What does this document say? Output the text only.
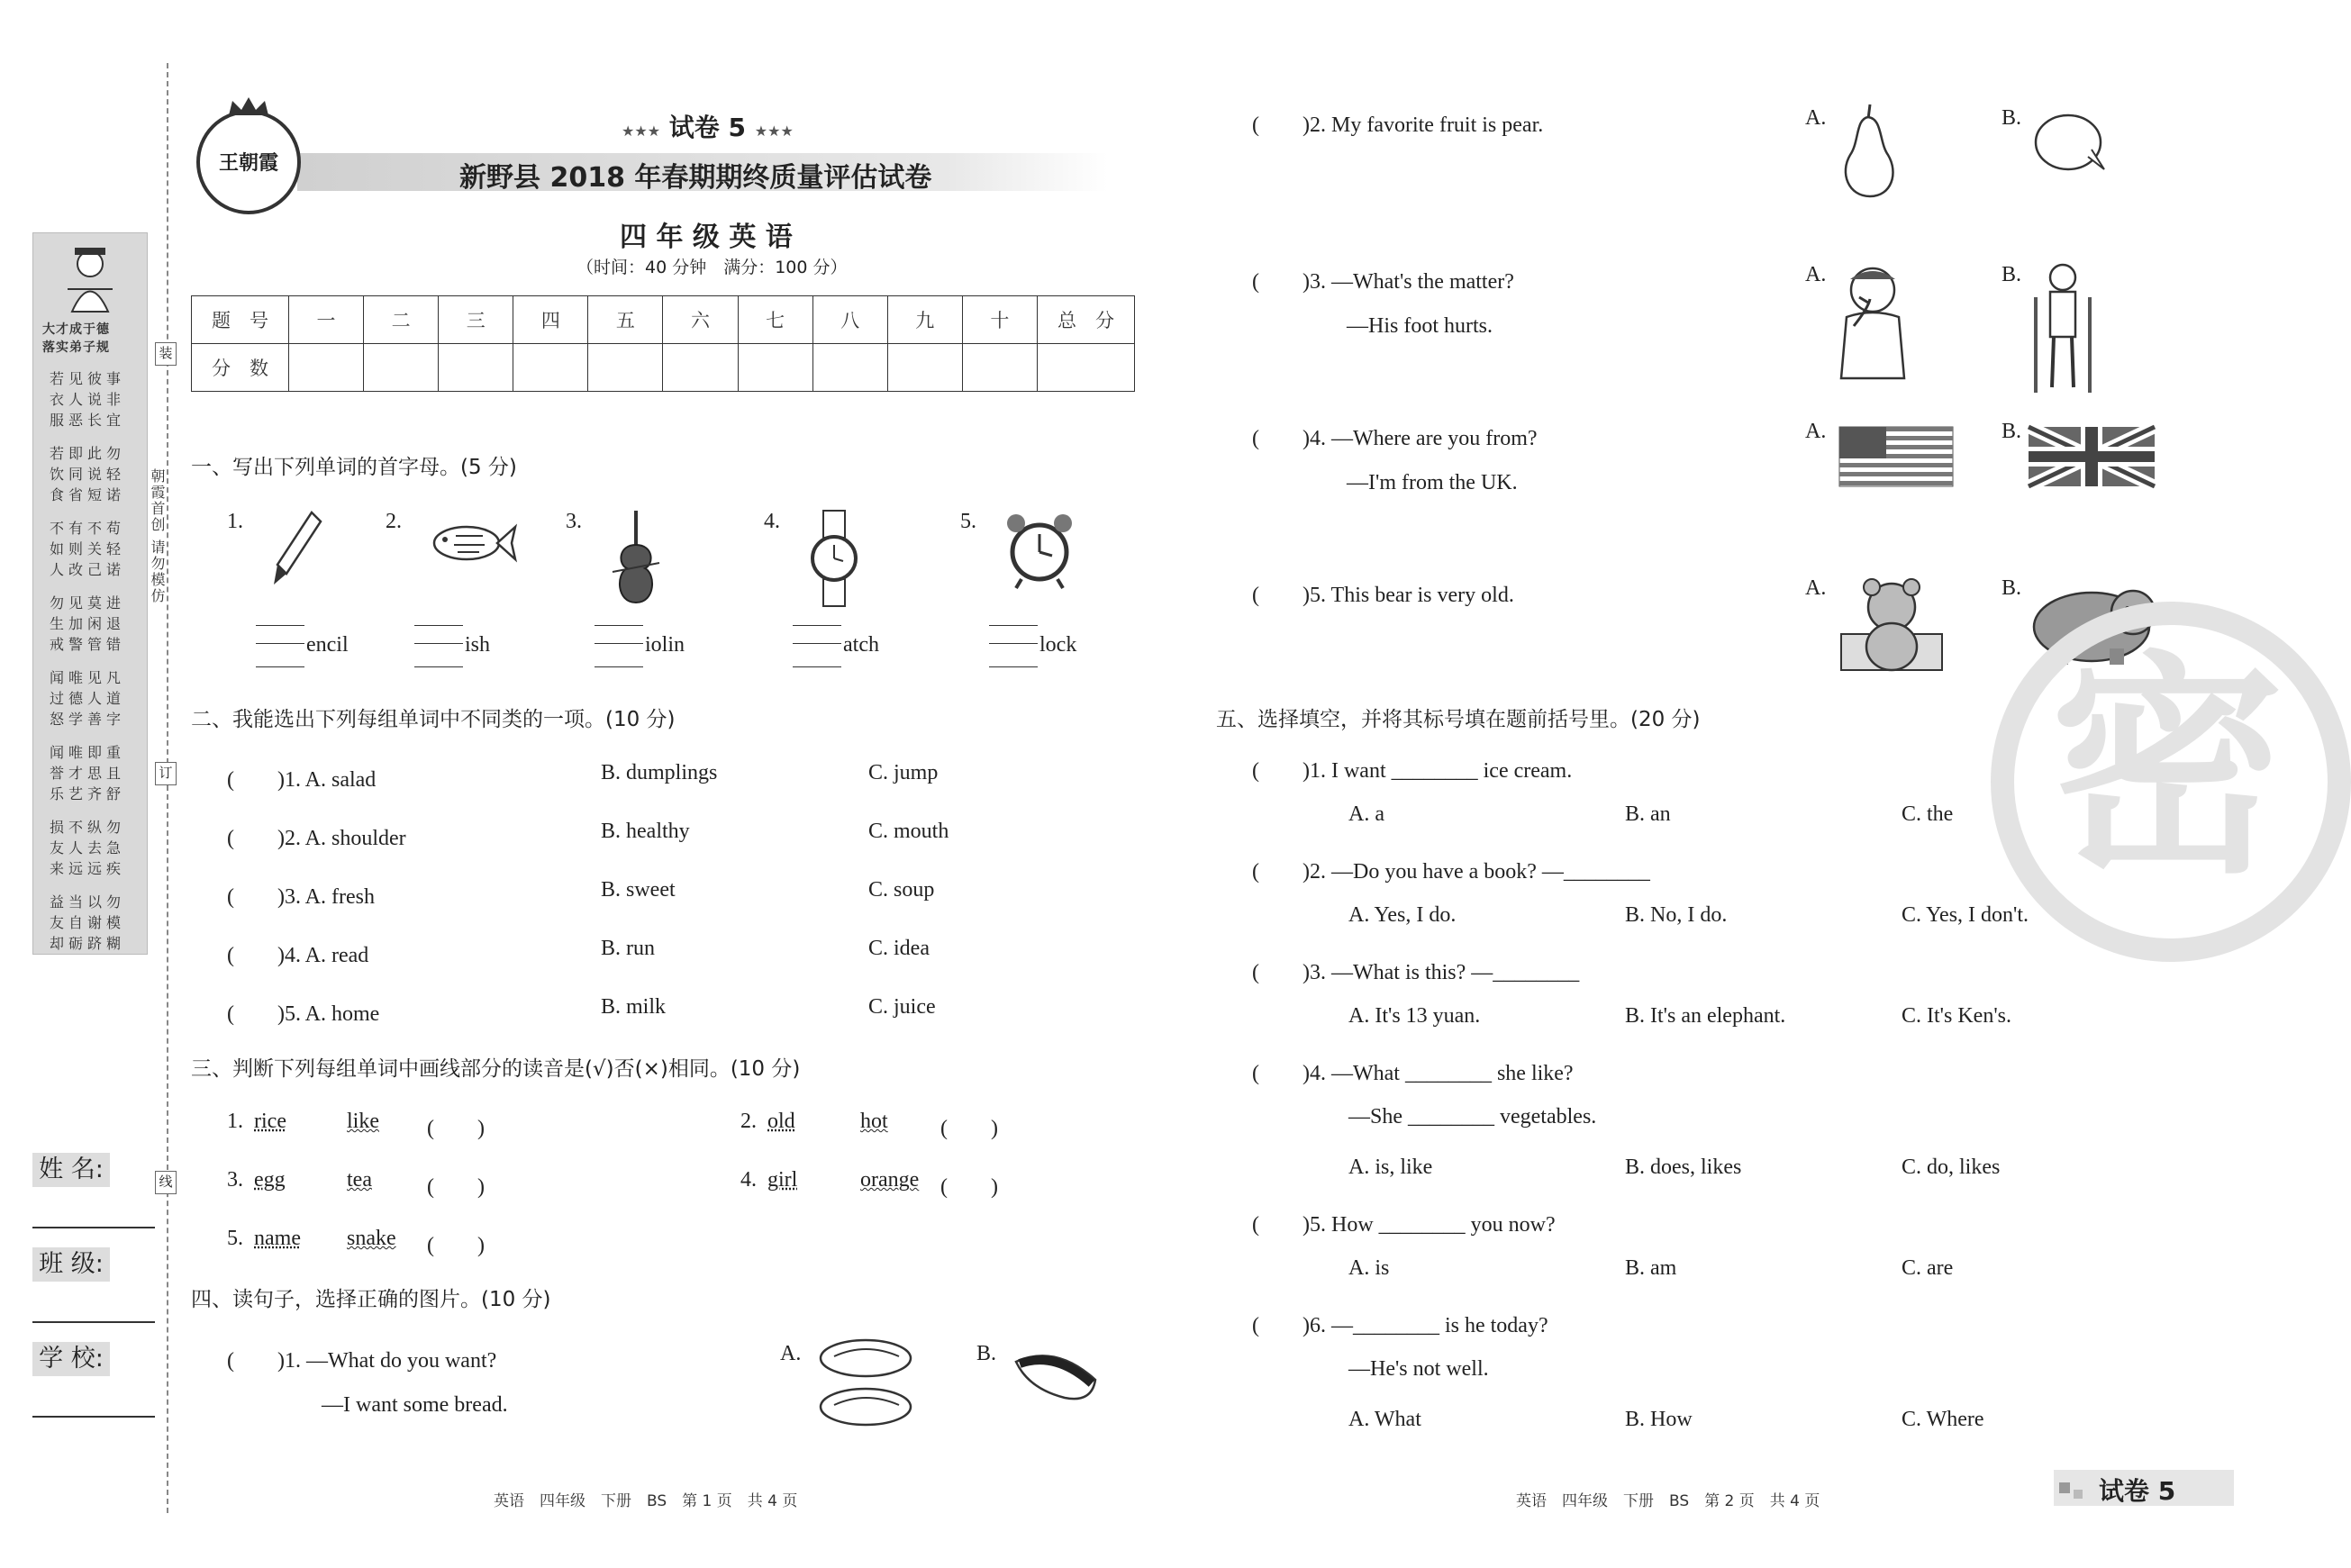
大才成于德
落实弟子规
若见彼事
衣人说非
服恶长宜
若即此勿
饮同说轻
食省短诺
不有不苟
如则关轻
人改己诺
勿见莫进
生加闲退
戒警管错
闻唯见凡
过德人道
怒学善字
闻唯即重
誉才思且
乐艺齐舒
损不纵勿
友人去急
来远远疾
益当以勿
友自谢模
却砺跻糊
朝霞首创 请勿模仿
装
订
线
姓 名:
班 级:
学 校:
王朝霞
★★★ 试卷 5 ★★★
新野县 2018 年春期期终质量评估试卷
四 年 级 英 语
（时间：40 分钟　满分：100 分）
题　号	一	二	三	四	五	六	七	八	九	十	总　分
分　数											
一、写出下列单词的首字母。(5 分)
1.
encil
2.
ish
3.
iolin
4.
atch
5.
lock
二、我能选出下列每组单词中不同类的一项。(10 分)
(　　)1. A. salad	B. dumplings	C. jump
(　　)2. A. shoulder	B. healthy	C. mouth
(　　)3. A. fresh	B. sweet	C. soup
(　　)4. A. read	B. run	C. idea
(　　)5. A. home	B. milk	C. juice
三、判断下列每组单词中画线部分的读音是(√)否(×)相同。(10 分)
1. rice	like (　　)	2. old	hot (　　)
3. egg	tea	(　　)	4. girl	orange (　　)
5. name snake (　　)
四、读句子，选择正确的图片。(10 分)
(　　)1. —What do you want?
—I want some bread.
A.	B.
(　　)2. My favorite fruit is pear.	A.	B.
(　　)3. —What's the matter?
—His foot hurts.
A.	B.
(　　)4. —Where are you from?
—I'm from the UK.
A.	B.
(　　)5. This bear is very old.	A.	B.
五、选择填空，并将其标号填在题前括号里。(20 分)
(　　)1. I want ________ ice cream.
A. a	B. an	C. the
(　　)2. —Do you have a book? —________
A. Yes, I do.	B. No, I do.	C. Yes, I don't.
(　　)3. —What is this? —________
A. It's 13 yuan.	B. It's an elephant.	C. It's Ken's.
(　　)4. —What ________ she like?
—She ________ vegetables.
A. is, like	B. does, likes	C. do, likes
(　　)5. How ________ you now?
A. is	B. am	C. are
(　　)6. —________ is he today?
—He's not well.
A. What	B. How	C. Where
密
英语　四年级　下册　BS　第 1 页　共 4 页	英语　四年级　下册　BS　第 2 页　共 4 页	试卷 5
